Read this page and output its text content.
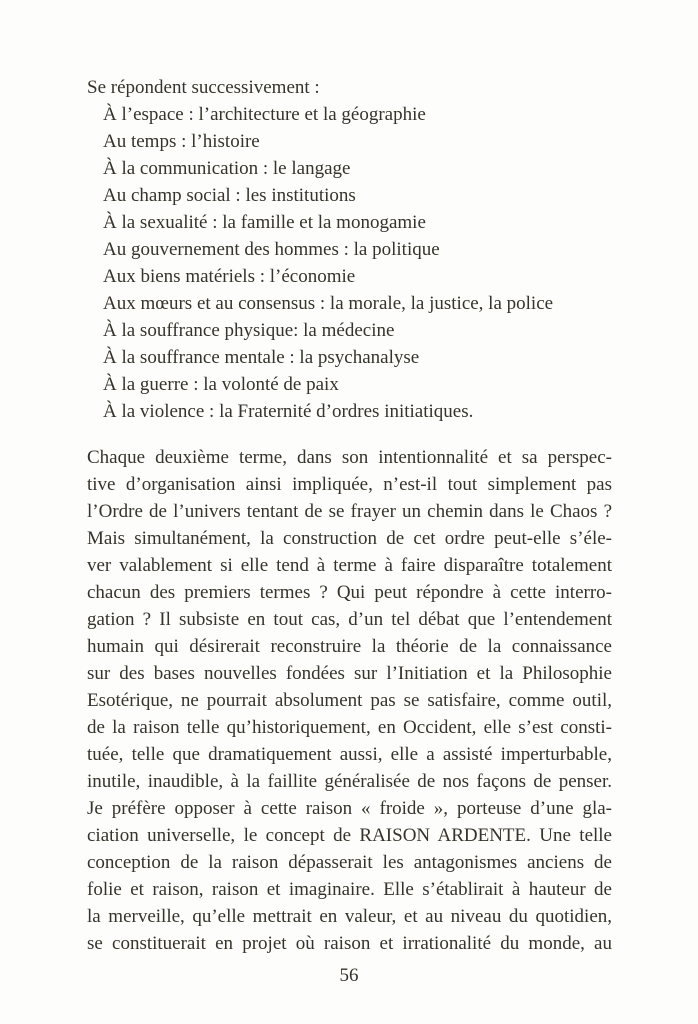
Se répondent successivement :
À l’espace : l’architecture et la géographie
Au temps : l’histoire
À la communication : le langage
Au champ social : les institutions
À la sexualité : la famille et la monogamie
Au gouvernement des hommes : la politique
Aux biens matériels : l’économie
Aux mœurs et au consensus : la morale, la justice, la police
À la souffrance physique: la médecine
À la souffrance mentale : la psychanalyse
À la guerre : la volonté de paix
À la violence : la Fraternité d’ordres initiatiques.
Chaque deuxième terme, dans son intentionnalité et sa perspec-
tive d’organisation ainsi impliquée, n’est-il tout simplement pas
l’Ordre de l’univers tentant de se frayer un chemin dans le Chaos ?
Mais simultanément, la construction de cet ordre peut-elle s’éle-
ver valablement si elle tend à terme à faire disparaître totalement
chacun des premiers termes ? Qui peut répondre à cette interro-
gation ? Il subsiste en tout cas, d’un tel débat que l’entendement
humain qui désirerait reconstruire la théorie de la connaissance
sur des bases nouvelles fondées sur l’Initiation et la Philosophie
Esotérique, ne pourrait absolument pas se satisfaire, comme outil,
de la raison telle qu’historiquement, en Occident, elle s’est consti-
tuée, telle que dramatiquement aussi, elle a assisté imperturbable,
inutile, inaudible, à la faillite généralisée de nos façons de penser.
Je préfère opposer à cette raison « froide », porteuse d’une gla-
ciation universelle, le concept de RAISON ARDENTE. Une telle
conception de la raison dépasserait les antagonismes anciens de
folie et raison, raison et imaginaire. Elle s’établirait à hauteur de
la merveille, qu’elle mettrait en valeur, et au niveau du quotidien,
se constituerait en projet où raison et irrationalité du monde, au
56
